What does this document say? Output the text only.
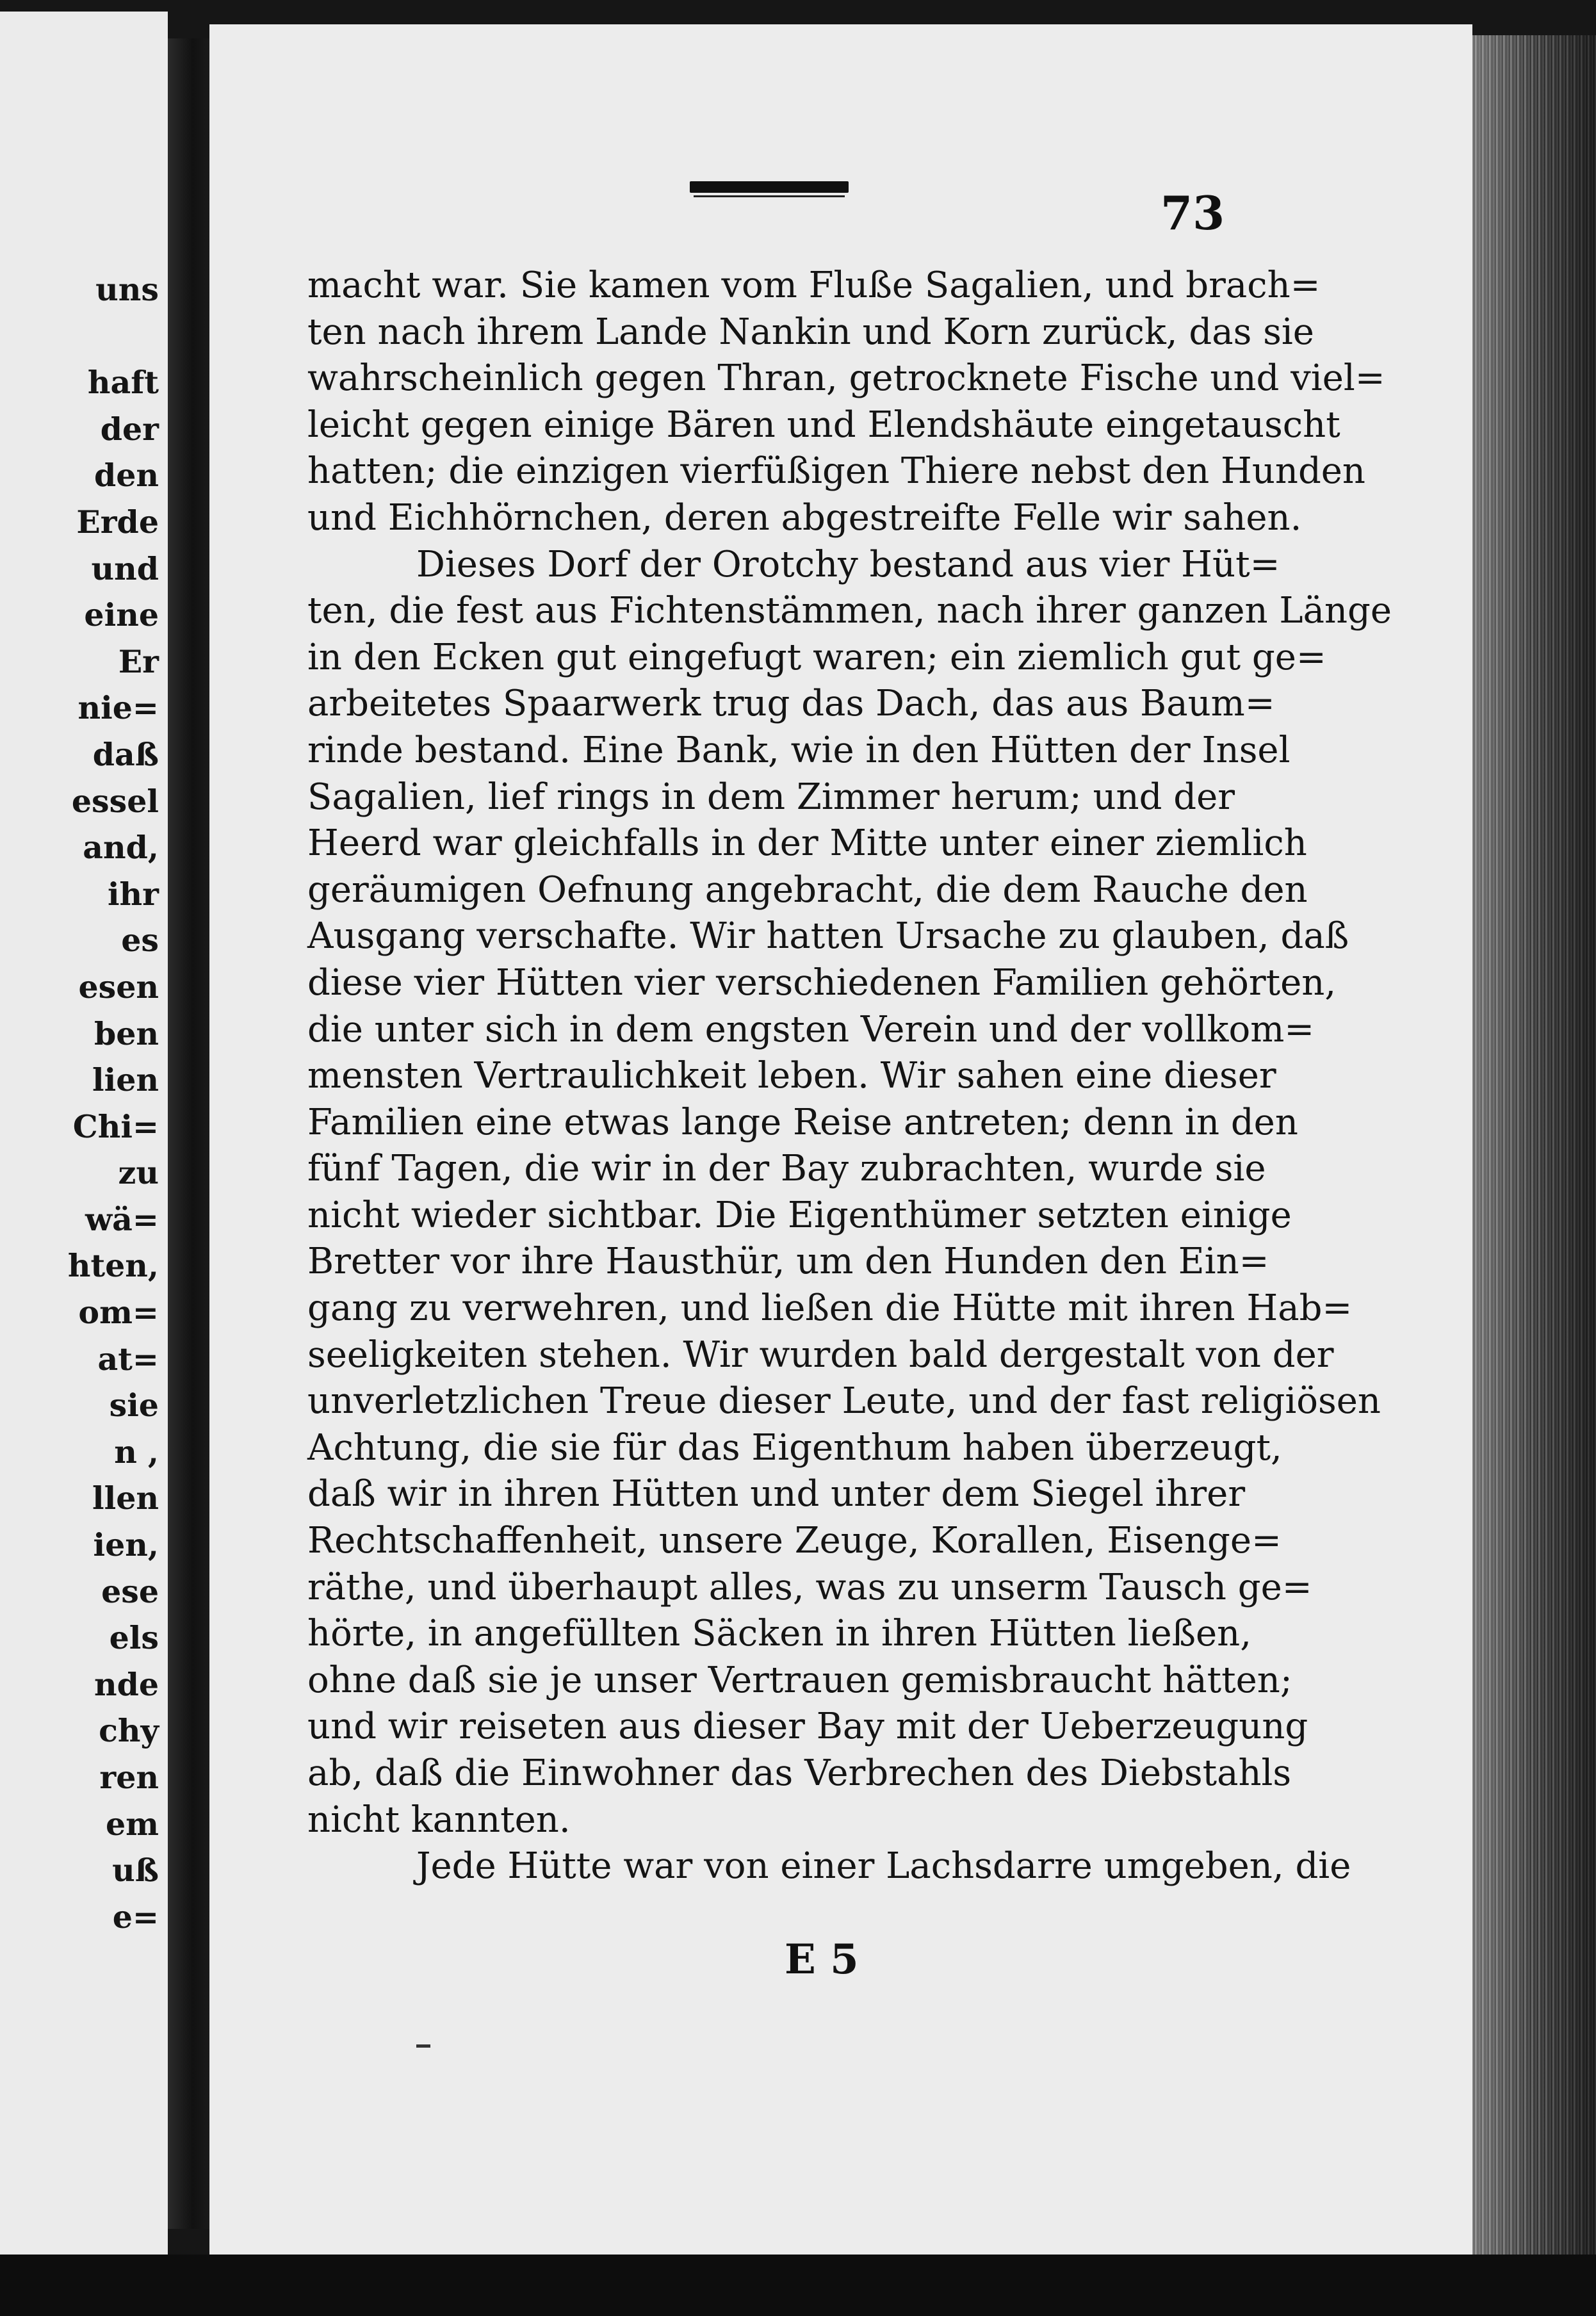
uns
haft
der
den
Erde
und
eine
Er
nie=
daß
essel
and,
ihr
es
esen
ben
lien
Chi=
zu
wä=
hten,
om=
at=
sie
n ,
llen
ien,
ese
els
nde
chy
ren
em
uß
e=
73
macht war. Sie kamen vom Fluße Sagalien, und brach=
ten nach ihrem Lande Nankin und Korn zurück, das sie
wahrscheinlich gegen Thran, getrocknete Fische und viel=
leicht gegen einige Bären und Elendshäute eingetauscht
hatten; die einzigen vierfüßigen Thiere nebst den Hunden
und Eichhörnchen, deren abgestreifte Felle wir sahen.
Dieses Dorf der Orotchy bestand aus vier Hüt=
ten, die fest aus Fichtenstämmen, nach ihrer ganzen Länge
in den Ecken gut eingefugt waren; ein ziemlich gut ge=
arbeitetes Spaarwerk trug das Dach, das aus Baum=
rinde bestand. Eine Bank, wie in den Hütten der Insel
Sagalien, lief rings in dem Zimmer herum; und der
Heerd war gleichfalls in der Mitte unter einer ziemlich
geräumigen Oefnung angebracht, die dem Rauche den
Ausgang verschafte. Wir hatten Ursache zu glauben, daß
diese vier Hütten vier verschiedenen Familien gehörten,
die unter sich in dem engsten Verein und der vollkom=
mensten Vertraulichkeit leben. Wir sahen eine dieser
Familien eine etwas lange Reise antreten; denn in den
fünf Tagen, die wir in der Bay zubrachten, wurde sie
nicht wieder sichtbar. Die Eigenthümer setzten einige
Bretter vor ihre Hausthür, um den Hunden den Ein=
gang zu verwehren, und ließen die Hütte mit ihren Hab=
seeligkeiten stehen. Wir wurden bald dergestalt von der
unverletzlichen Treue dieser Leute, und der fast religiösen
Achtung, die sie für das Eigenthum haben überzeugt,
daß wir in ihren Hütten und unter dem Siegel ihrer
Rechtschaffenheit, unsere Zeuge, Korallen, Eisenge=
räthe, und überhaupt alles, was zu unserm Tausch ge=
hörte, in angefüllten Säcken in ihren Hütten ließen,
ohne daß sie je unser Vertrauen gemisbraucht hätten;
und wir reiseten aus dieser Bay mit der Ueberzeugung
ab, daß die Einwohner das Verbrechen des Diebstahls
nicht kannten.
Jede Hütte war von einer Lachsdarre umgeben, die
E 5
